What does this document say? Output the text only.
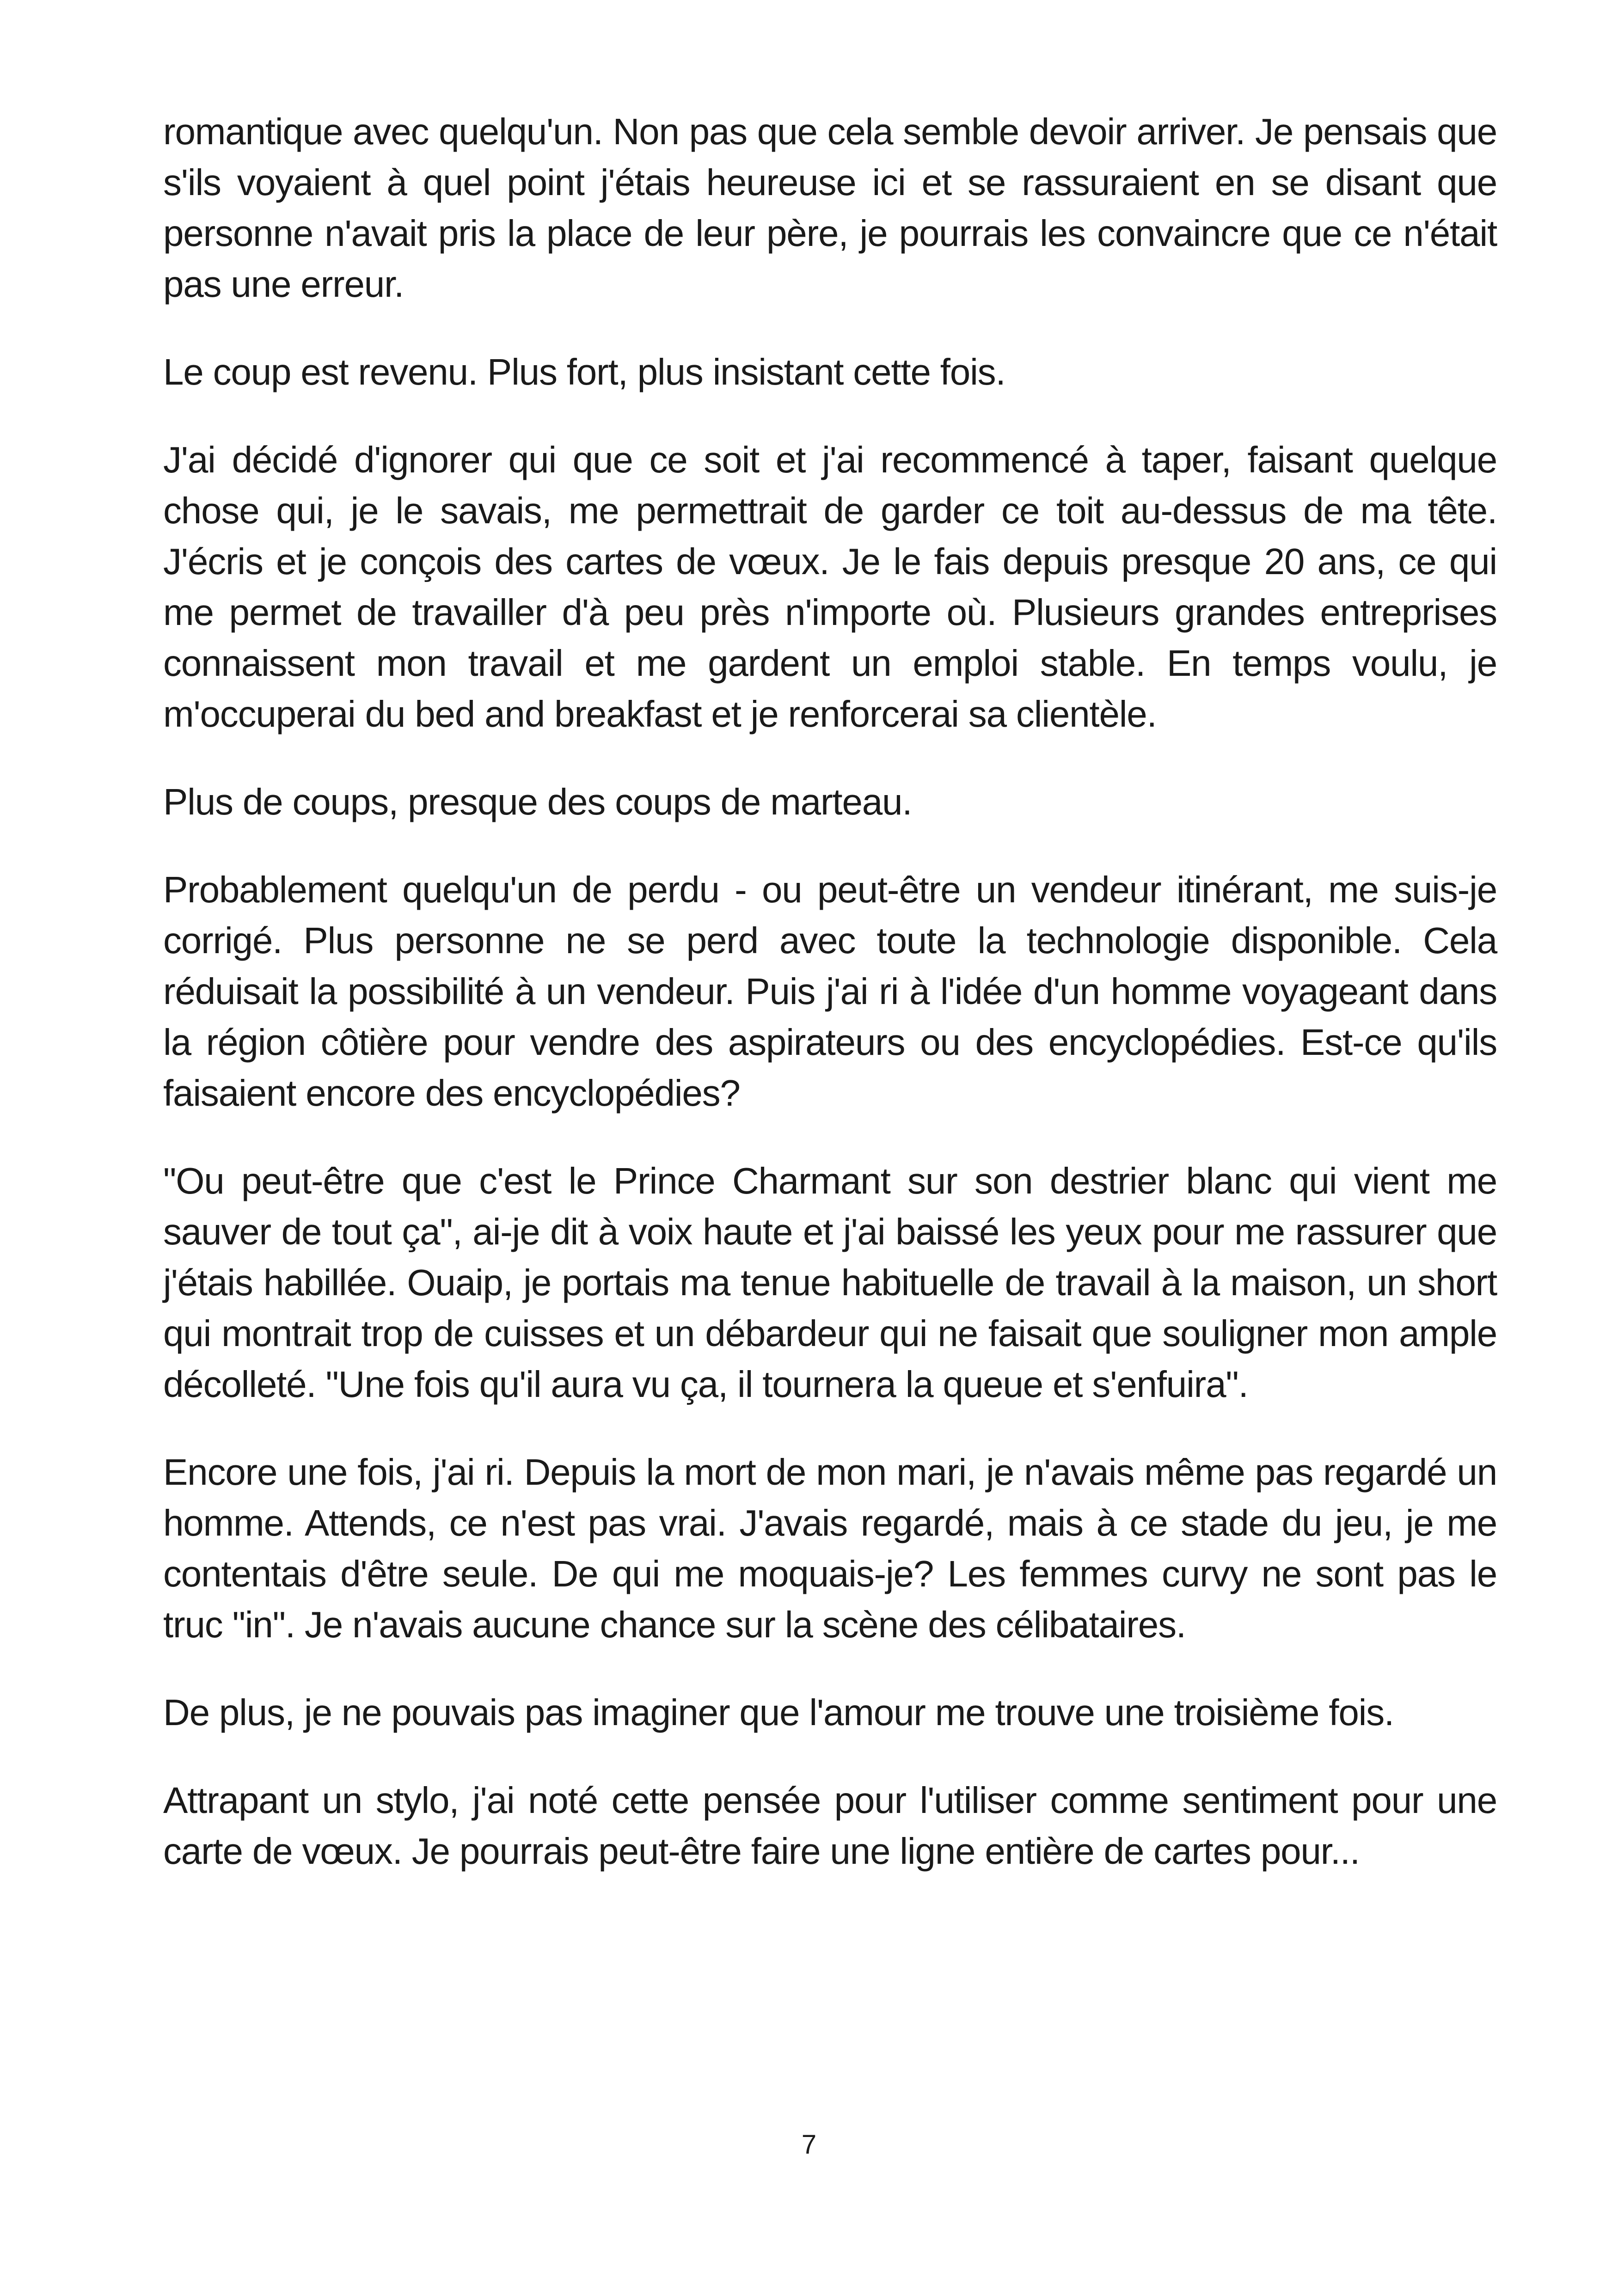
romantique avec quelqu'un. Non pas que cela semble devoir arriver. Je pensais que s'ils voyaient à quel point j'étais heureuse ici et se rassuraient en se disant que personne n'avait pris la place de leur père, je pourrais les convaincre que ce n'était pas une erreur.

Le coup est revenu. Plus fort, plus insistant cette fois.

J'ai décidé d'ignorer qui que ce soit et j'ai recommencé à taper, faisant quelque chose qui, je le savais, me permettrait de garder ce toit au-dessus de ma tête. J'écris et je conçois des cartes de vœux. Je le fais depuis presque 20 ans, ce qui me permet de travailler d'à peu près n'importe où. Plusieurs grandes entreprises connaissent mon travail et me gardent un emploi stable. En temps voulu, je m'occuperai du bed and breakfast et je renforcerai sa clientèle.

Plus de coups, presque des coups de marteau.

Probablement quelqu'un de perdu - ou peut-être un vendeur itinérant, me suis-je corrigé. Plus personne ne se perd avec toute la technologie disponible. Cela réduisait la possibilité à un vendeur. Puis j'ai ri à l'idée d'un homme voyageant dans la région côtière pour vendre des aspirateurs ou des encyclopédies. Est-ce qu'ils faisaient encore des encyclopédies?

"Ou peut-être que c'est le Prince Charmant sur son destrier blanc qui vient me sauver de tout ça", ai-je dit à voix haute et j'ai baissé les yeux pour me rassurer que j'étais habillée. Ouaip, je portais ma tenue habituelle de travail à la maison, un short qui montrait trop de cuisses et un débardeur qui ne faisait que souligner mon ample décolleté. "Une fois qu'il aura vu ça, il tournera la queue et s'enfuira".

Encore une fois, j'ai ri. Depuis la mort de mon mari, je n'avais même pas regardé un homme. Attends, ce n'est pas vrai. J'avais regardé, mais à ce stade du jeu, je me contentais d'être seule. De qui me moquais-je? Les femmes curvy ne sont pas le truc "in". Je n'avais aucune chance sur la scène des célibataires.

De plus, je ne pouvais pas imaginer que l'amour me trouve une troisième fois.

Attrapant un stylo, j'ai noté cette pensée pour l'utiliser comme sentiment pour une carte de vœux. Je pourrais peut-être faire une ligne entière de cartes pour...

7
